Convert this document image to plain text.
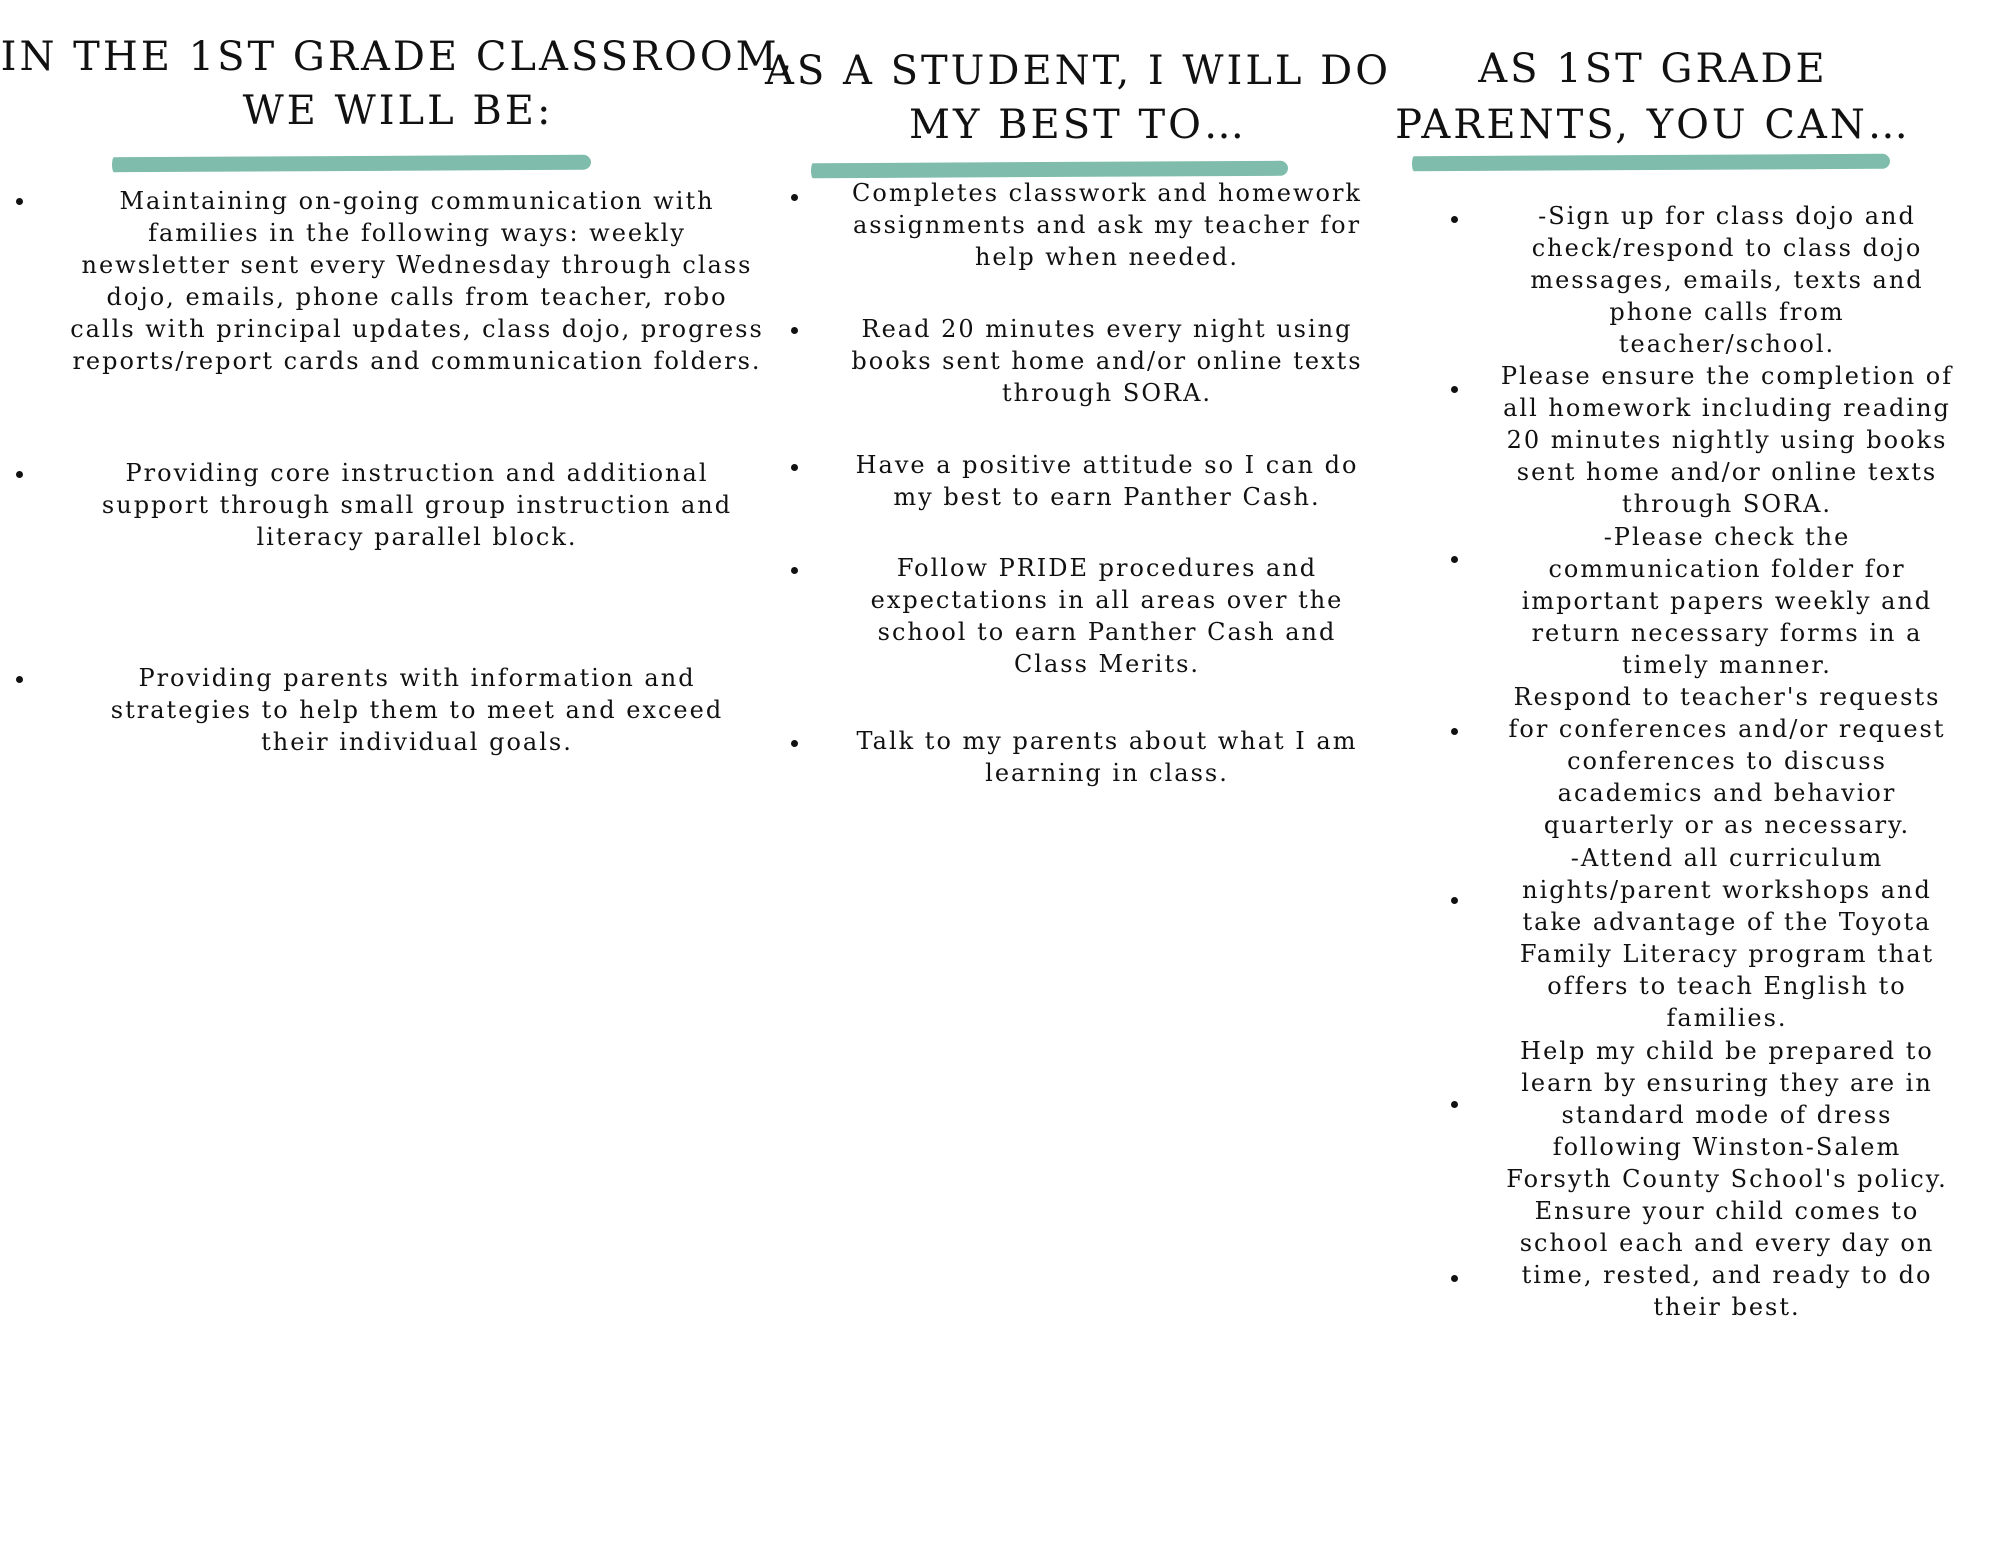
IN THE 1ST GRADE CLASSROOM,
WE WILL BE:
Maintaining on-going communication with
families in the following ways: weekly
newsletter sent every Wednesday through class
dojo, emails, phone calls from teacher, robo
calls with principal updates, class dojo, progress
reports/report cards and communication folders.
Providing core instruction and additional
support through small group instruction and
literacy parallel block.
Providing parents with information and
strategies to help them to meet and exceed
their individual goals.
AS A STUDENT, I WILL DO
MY BEST TO…
Completes classwork and homework
assignments and ask my teacher for
help when needed.
Read 20 minutes every night using
books sent home and/or online texts
through SORA.
Have a positive attitude so I can do
my best to earn Panther Cash.
Follow PRIDE procedures and
expectations in all areas over the
school to earn Panther Cash and
Class Merits.
Talk to my parents about what I am
learning in class.
AS 1ST GRADE
PARENTS, YOU CAN…
-Sign up for class dojo and
check/respond to class dojo
messages, emails, texts and
phone calls from
teacher/school.
Please ensure the completion of
all homework including reading
20 minutes nightly using books
sent home and/or online texts
through SORA.
-Please check the
communication folder for
important papers weekly and
return necessary forms in a
timely manner.
Respond to teacher's requests
for conferences and/or request
conferences to discuss
academics and behavior
quarterly or as necessary.
-Attend all curriculum
nights/parent workshops and
take advantage of the Toyota
Family Literacy program that
offers to teach English to
families.
Help my child be prepared to
learn by ensuring they are in
standard mode of dress
following Winston-Salem
Forsyth County School's policy.
Ensure your child comes to
school each and every day on
time, rested, and ready to do
their best.
